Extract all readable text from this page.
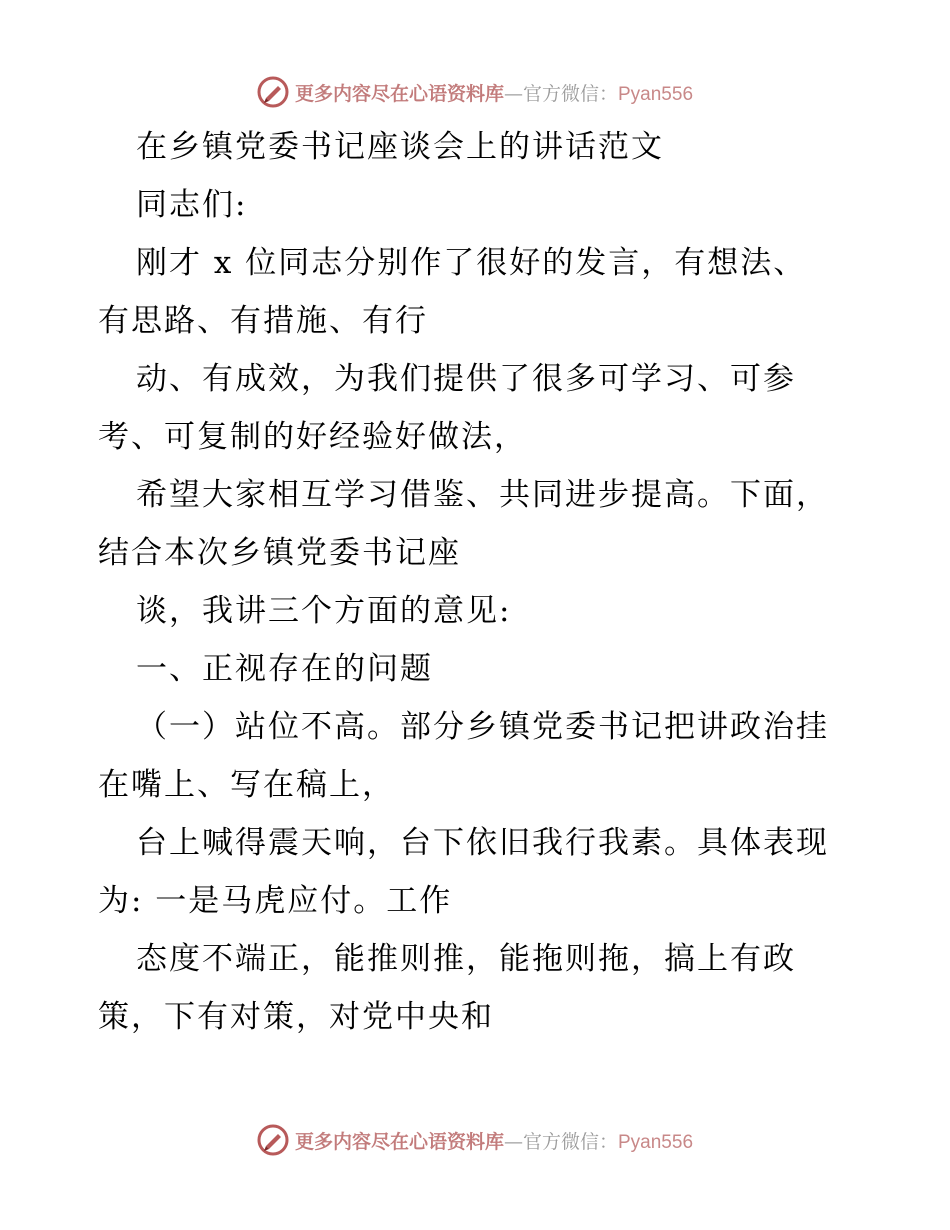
更多内容尽在心语资料库—官方微信：Pyan556
在乡镇党委书记座谈会上的讲话范文
同志们:
刚才 x 位同志分别作了很好的发言，有想法、
有思路、有措施、有行
动、有成效，为我们提供了很多可学习、可参
考、可复制的好经验好做法，
希望大家相互学习借鉴、共同进步提高。下面，
结合本次乡镇党委书记座
谈，我讲三个方面的意见:
一、正视存在的问题
（一）站位不高。部分乡镇党委书记把讲政治挂
在嘴上、写在稿上，
台上喊得震天响，台下依旧我行我素。具体表现
为: 一是马虎应付。工作
态度不端正，能推则推，能拖则拖，搞上有政
策，下有对策，对党中央和
更多内容尽在心语资料库—官方微信：Pyan556
